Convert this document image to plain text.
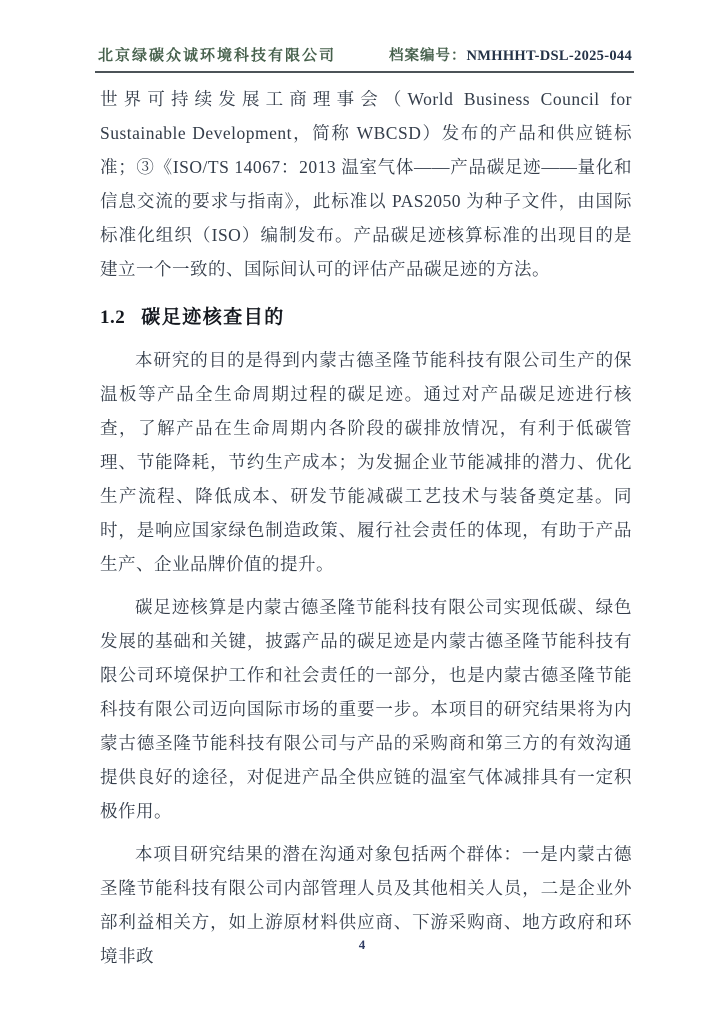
北京绿碳众诚环境科技有限公司	档案编号：NMHHHT-DSL-2025-044

世界可持续发展工商理事会（World Business Council for Sustainable Development，简称 WBCSD）发布的产品和供应链标准；③《ISO/TS 14067：2013 温室气体——产品碳足迹——量化和信息交流的要求与指南》，此标准以 PAS2050 为种子文件，由国际标准化组织（ISO）编制发布。产品碳足迹核算标准的出现目的是建立一个一致的、国际间认可的评估产品碳足迹的方法。

1.2 碳足迹核查目的

本研究的目的是得到内蒙古德圣隆节能科技有限公司生产的保温板等产品全生命周期过程的碳足迹。通过对产品碳足迹进行核查，了解产品在生命周期内各阶段的碳排放情况，有利于低碳管理、节能降耗，节约生产成本；为发掘企业节能减排的潜力、优化生产流程、降低成本、研发节能减碳工艺技术与装备奠定基。同时，是响应国家绿色制造政策、履行社会责任的体现，有助于产品生产、企业品牌价值的提升。

碳足迹核算是内蒙古德圣隆节能科技有限公司实现低碳、绿色发展的基础和关键，披露产品的碳足迹是内蒙古德圣隆节能科技有限公司环境保护工作和社会责任的一部分，也是内蒙古德圣隆节能科技有限公司迈向国际市场的重要一步。本项目的研究结果将为内蒙古德圣隆节能科技有限公司与产品的采购商和第三方的有效沟通提供良好的途径，对促进产品全供应链的温室气体减排具有一定积极作用。

本项目研究结果的潜在沟通对象包括两个群体：一是内蒙古德圣隆节能科技有限公司内部管理人员及其他相关人员，二是企业外部利益相关方，如上游原材料供应商、下游采购商、地方政府和环境非政

4
